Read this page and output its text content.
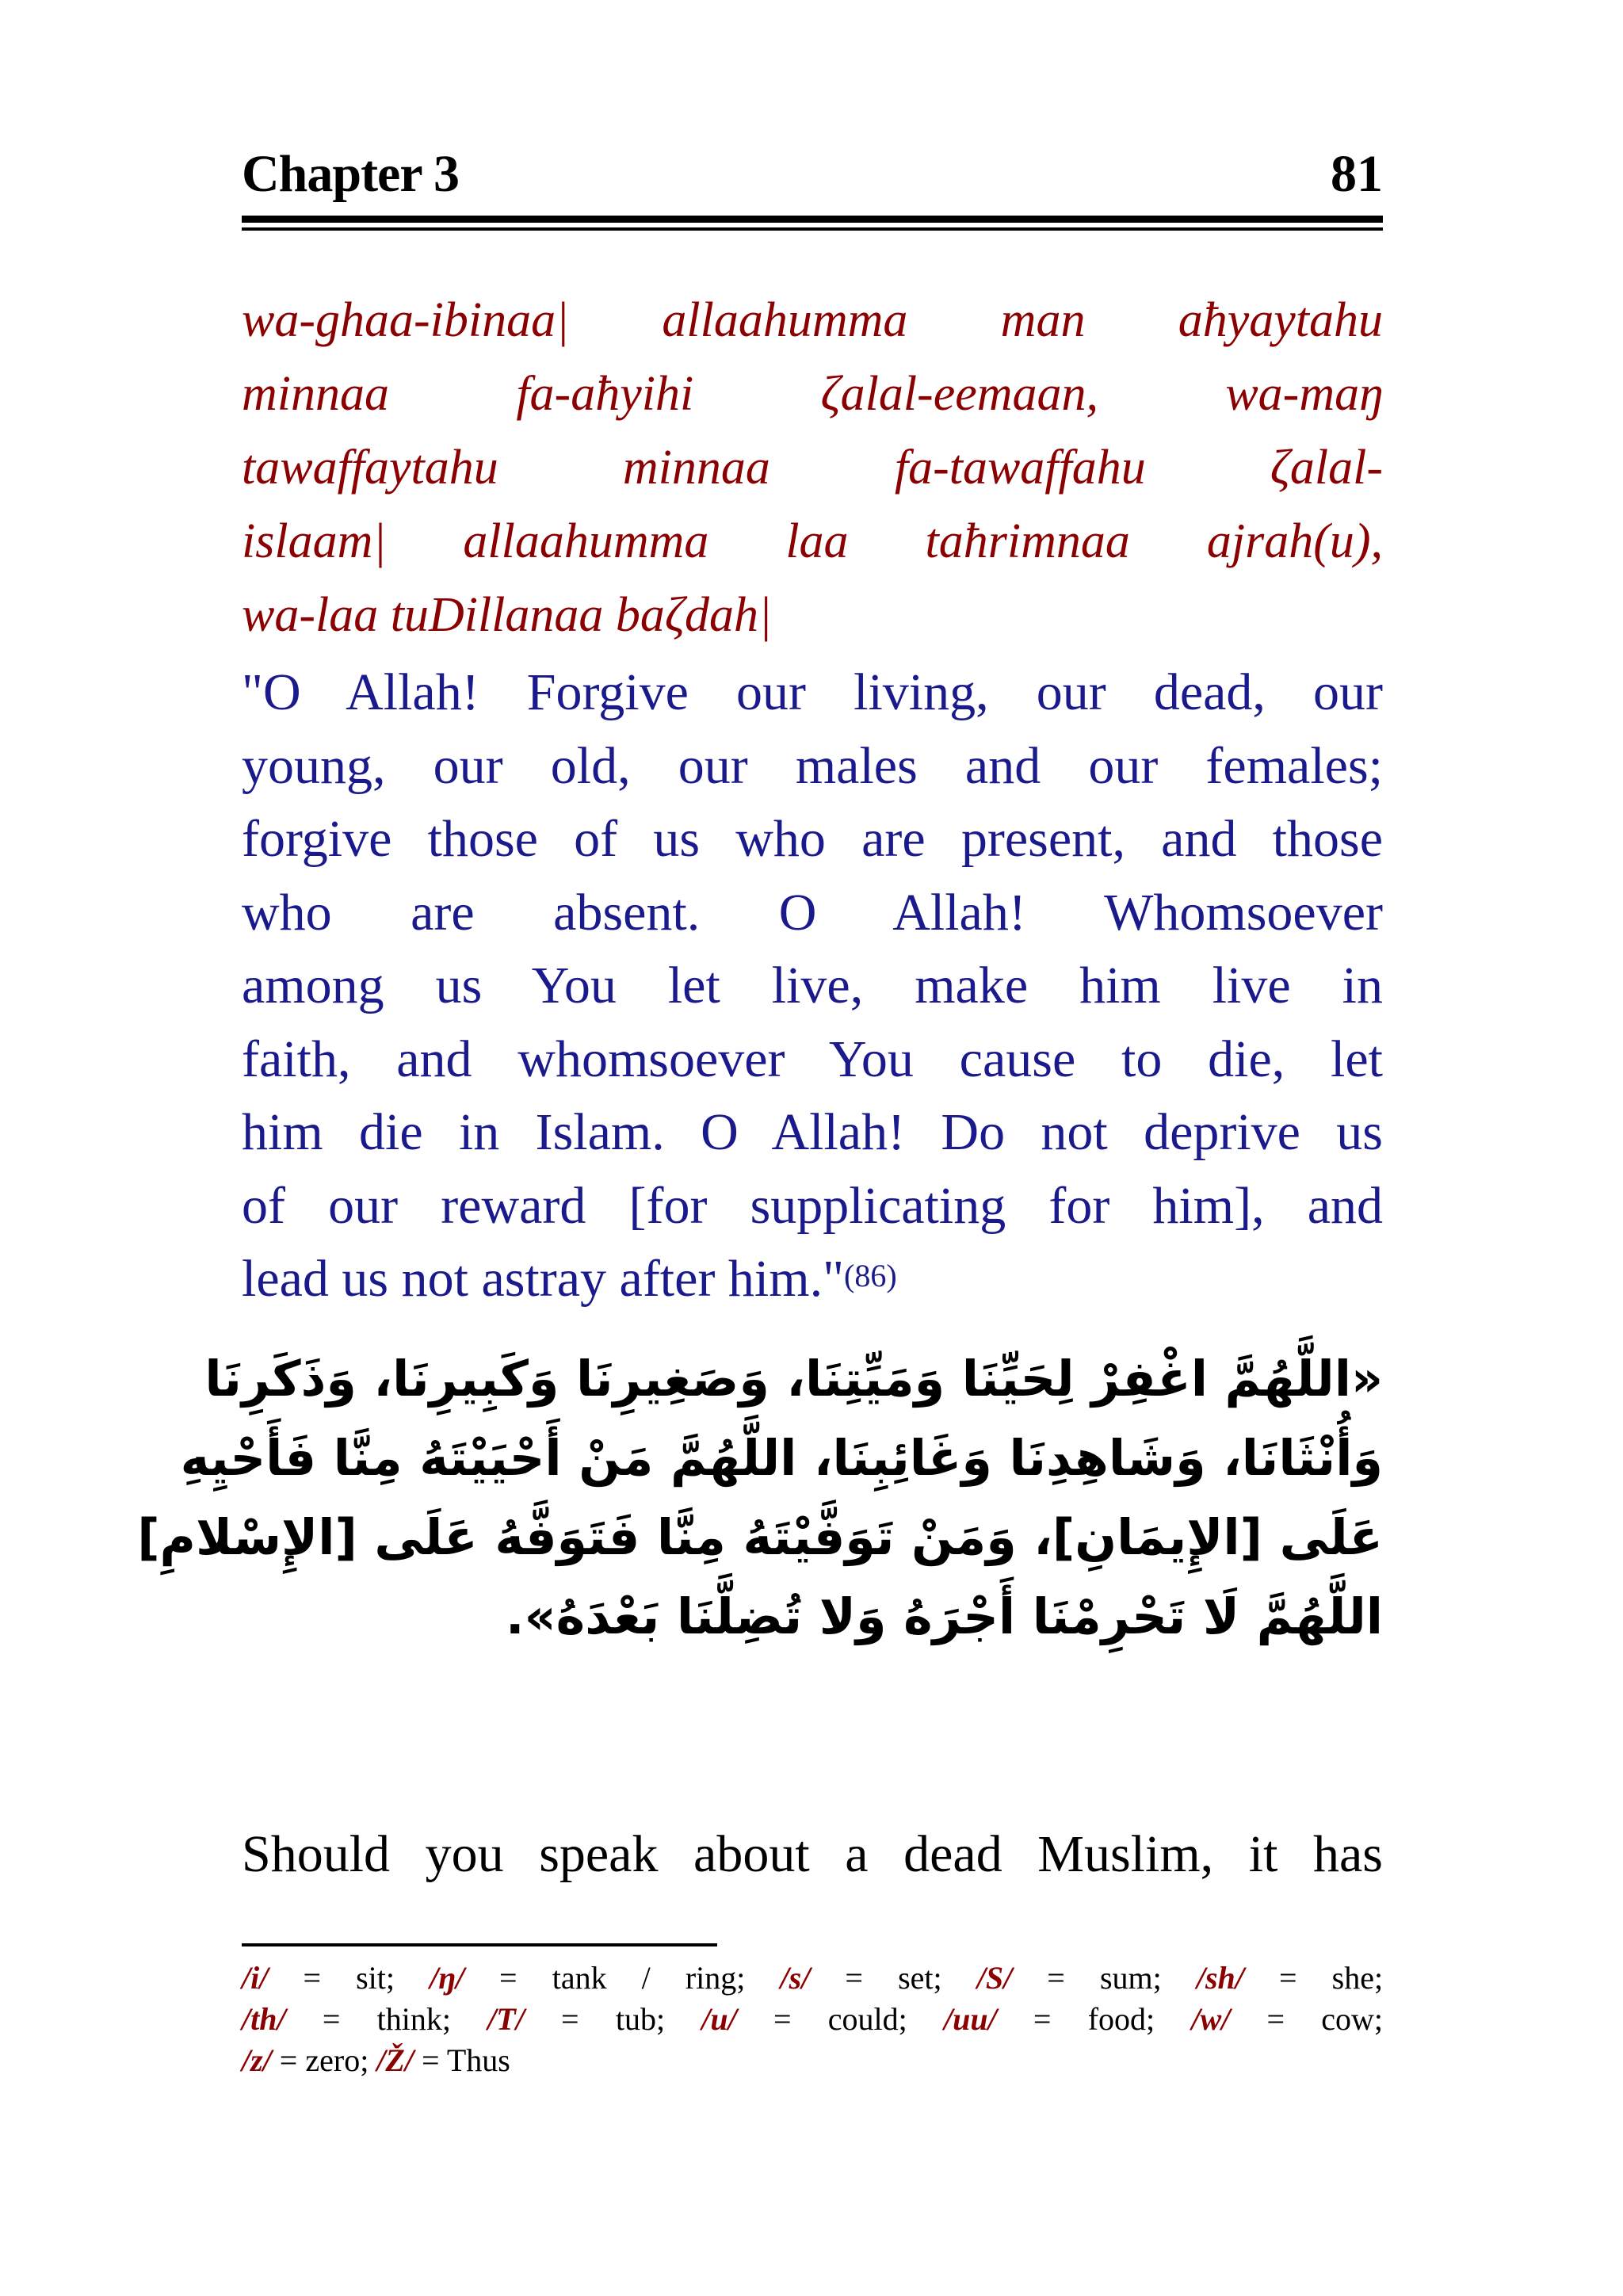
Chapter 3	81
wa-ghaa-ibinaa| allaahumma man aħyaytahu
minnaa fa-aħyihi ζalal-eemaan, wa-maŋ
tawaffaytahu minnaa fa-tawaffahu ζalal-
islaam| allaahumma laa taħrimnaa ajrah(u),
wa-laa tuDillanaa baζdah|
"O Allah! Forgive our living, our dead, our
young, our old, our males and our females;
forgive those of us who are present, and those
who are absent. O Allah! Whomsoever
among us You let live, make him live in
faith, and whomsoever You cause to die, let
him die in Islam. O Allah! Do not deprive us
of our reward [for supplicating for him], and
lead us not astray after him."$^{(86)}$
«اللَّهُمَّ اغْفِرْ لِحَيِّنَا وَمَيِّتِنَا، وَصَغِيرِنَا وَكَبِيرِنَا، وَذَكَرِنَا
وَأُنْثَانَا، وَشَاهِدِنَا وَغَائِبِنَا، اللَّهُمَّ مَنْ أَحْيَيْتَهُ مِنَّا فَأَحْيِهِ
عَلَى [الإِيمَانِ]، وَمَنْ تَوَفَّيْتَهُ مِنَّا فَتَوَفَّهُ عَلَى [الإِسْلامِ]
اللَّهُمَّ لَا تَحْرِمْنَا أَجْرَهُ وَلا تُضِلَّنَا بَعْدَهُ».
Should you speak about a dead Muslim, it has
/i/ = sit; /ŋ/ = tank / ring; /s/ = set; /S/ = sum; /sh/ = she;
/th/ = think; /T/ = tub; /u/ = could; /uu/ = food; /w/ = cow;
/z/ = zero; /Ž/ = Thus
